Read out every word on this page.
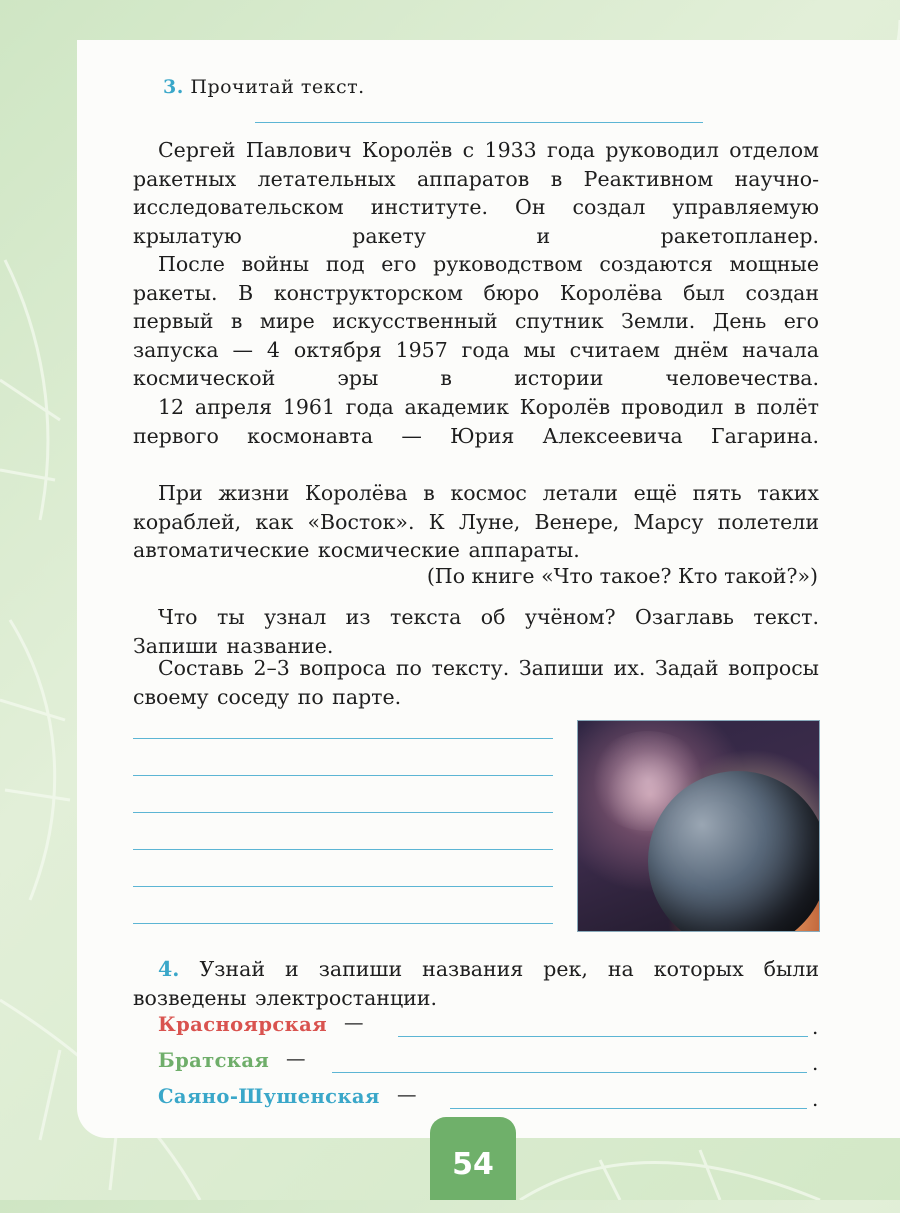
3. Прочитай текст.

Сергей Павлович Королёв с 1933 года руководил отделом ракетных летательных аппаратов в Реактивном научно-исследовательском институте. Он создал управляемую крылатую ракету и ракетопланер.

После войны под его руководством создаются мощные ракеты. В конструкторском бюро Королёва был создан первый в мире искусственный спутник Земли. День его запуска — 4 октября 1957 года мы считаем днём начала космической эры в истории человечества.

12 апреля 1961 года академик Королёв проводил в полёт первого космонавта — Юрия Алексеевича Гагарина.

При жизни Королёва в космос летали ещё пять таких кораблей, как «Восток». К Луне, Венере, Марсу полетели автоматические космические аппараты.

(По книге «Что такое? Кто такой?»)

Что ты узнал из текста об учёном? Озаглавь текст. Запиши название.

Составь 2–3 вопроса по тексту. Запиши их. Задай вопросы своему соседу по парте.

4. Узнай и запиши названия рек, на которых были возведены электростанции.

Красноярская —	.
Братская —	.
Саяно-Шушенская —	.
54
